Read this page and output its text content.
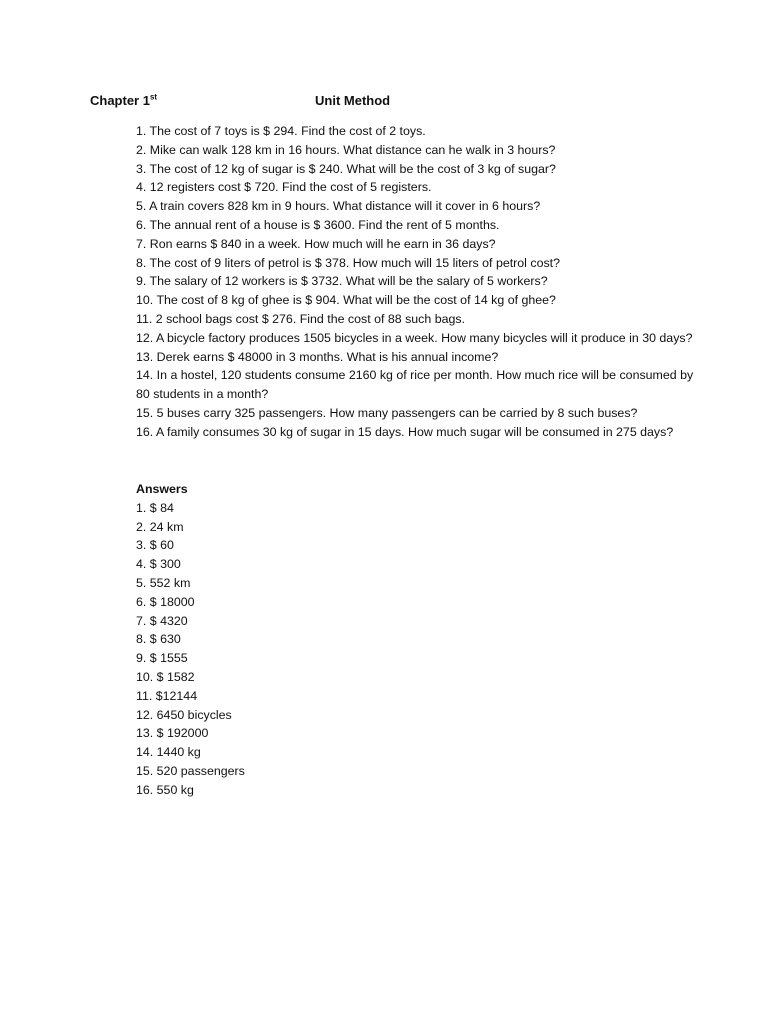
Chapter 1st	Unit Method
1. The cost of 7 toys is $ 294. Find the cost of 2 toys.
2. Mike can walk 128 km in 16 hours. What distance can he walk in 3 hours?
3. The cost of 12 kg of sugar is $ 240. What will be the cost of 3 kg of sugar?
4. 12 registers cost $ 720. Find the cost of 5 registers.
5. A train covers 828 km in 9 hours. What distance will it cover in 6 hours?
6. The annual rent of a house is $ 3600. Find the rent of 5 months.
7. Ron earns $ 840 in a week. How much will he earn in 36 days?
8. The cost of 9 liters of petrol is $ 378. How much will 15 liters of petrol cost?
9. The salary of 12 workers is $ 3732. What will be the salary of 5 workers?
10. The cost of 8 kg of ghee is $ 904. What will be the cost of 14 kg of ghee?
11. 2 school bags cost $ 276. Find the cost of 88 such bags.
12. A bicycle factory produces 1505 bicycles in a week. How many bicycles will it produce in 30 days?
13. Derek earns $ 48000 in 3 months. What is his annual income?
14. In a hostel, 120 students consume 2160 kg of rice per month. How much rice will be consumed by 80 students in a month?
15. 5 buses carry 325 passengers. How many passengers can be carried by 8 such buses?
16. A family consumes 30 kg of sugar in 15 days. How much sugar will be consumed in 275 days?
Answers
1. $ 84
2. 24 km
3. $ 60
4. $ 300
5. 552 km
6. $ 18000
7. $ 4320
8. $ 630
9. $ 1555
10. $ 1582
11. $12144
12. 6450 bicycles
13. $ 192000
14. 1440 kg
15. 520 passengers
16. 550 kg
